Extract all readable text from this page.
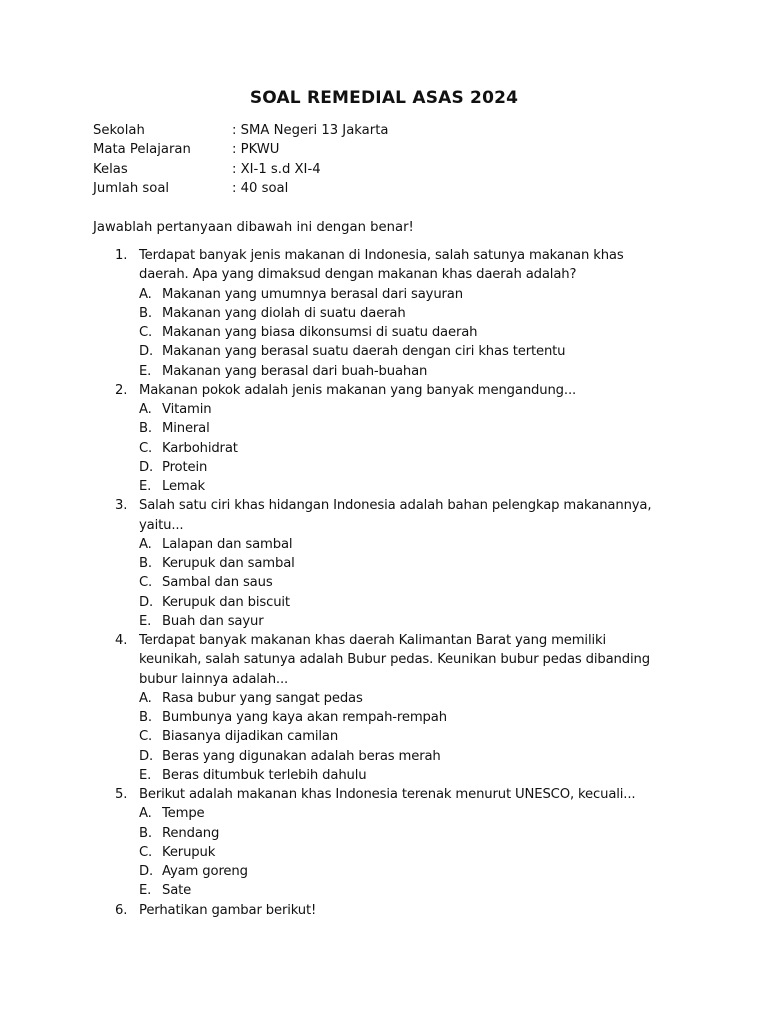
SOAL REMEDIAL ASAS 2024
Sekolah	: SMA Negeri 13 Jakarta
Mata Pelajaran	: PKWU
Kelas	: XI-1 s.d XI-4
Jumlah soal	: 40 soal
Jawablah pertanyaan dibawah ini dengan benar!
1. Terdapat banyak jenis makanan di Indonesia, salah satunya makanan khas
daerah. Apa yang dimaksud dengan makanan khas daerah adalah?
A. Makanan yang umumnya berasal dari sayuran
B. Makanan yang diolah di suatu daerah
C. Makanan yang biasa dikonsumsi di suatu daerah
D. Makanan yang berasal suatu daerah dengan ciri khas tertentu
E. Makanan yang berasal dari buah-buahan
2. Makanan pokok adalah jenis makanan yang banyak mengandung...
A. Vitamin
B. Mineral
C. Karbohidrat
D. Protein
E. Lemak
3. Salah satu ciri khas hidangan Indonesia adalah bahan pelengkap makanannya,
yaitu...
A. Lalapan dan sambal
B. Kerupuk dan sambal
C. Sambal dan saus
D. Kerupuk dan biscuit
E. Buah dan sayur
4. Terdapat banyak makanan khas daerah Kalimantan Barat yang memiliki
keunikah, salah satunya adalah Bubur pedas. Keunikan bubur pedas dibanding
bubur lainnya adalah...
A. Rasa bubur yang sangat pedas
B. Bumbunya yang kaya akan rempah-rempah
C. Biasanya dijadikan camilan
D. Beras yang digunakan adalah beras merah
E. Beras ditumbuk terlebih dahulu
5. Berikut adalah makanan khas Indonesia terenak menurut UNESCO, kecuali...
A. Tempe
B. Rendang
C. Kerupuk
D. Ayam goreng
E. Sate
6. Perhatikan gambar berikut!
